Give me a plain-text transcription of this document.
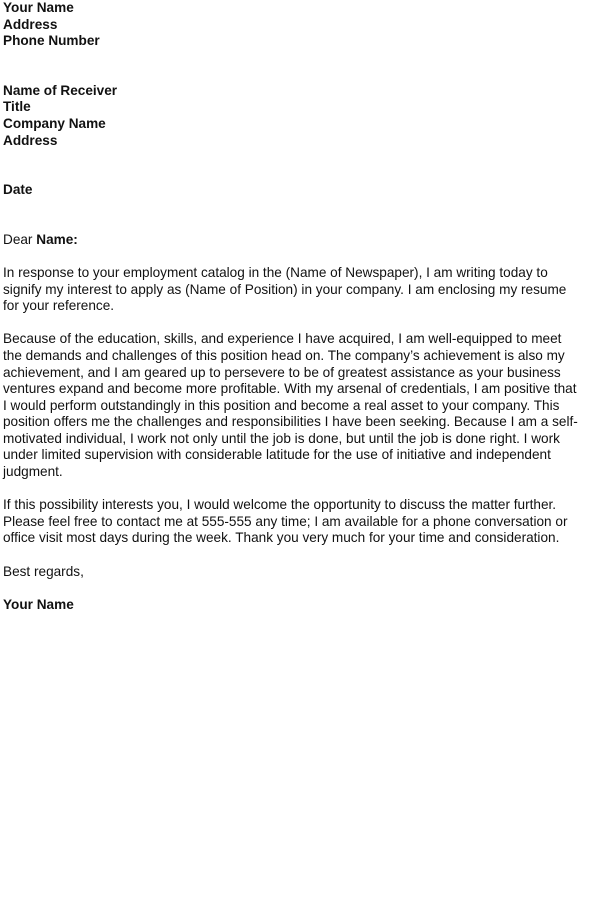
Your Name
Address
Phone Number
Name of Receiver
Title
Company Name
Address
Date
Dear Name:
In response to your employment catalog in the (Name of Newspaper), I am writing today to
signify my interest to apply as (Name of Position) in your company. I am enclosing my resume
for your reference.
Because of the education, skills, and experience I have acquired, I am well-equipped to meet
the demands and challenges of this position head on. The company’s achievement is also my
achievement, and I am geared up to persevere to be of greatest assistance as your business
ventures expand and become more profitable. With my arsenal of credentials, I am positive that
I would perform outstandingly in this position and become a real asset to your company. This
position offers me the challenges and responsibilities I have been seeking. Because I am a self-
motivated individual, I work not only until the job is done, but until the job is done right. I work
under limited supervision with considerable latitude for the use of initiative and independent
judgment.
If this possibility interests you, I would welcome the opportunity to discuss the matter further.
Please feel free to contact me at 555-555 any time; I am available for a phone conversation or
office visit most days during the week. Thank you very much for your time and consideration.
Best regards,
Your Name
